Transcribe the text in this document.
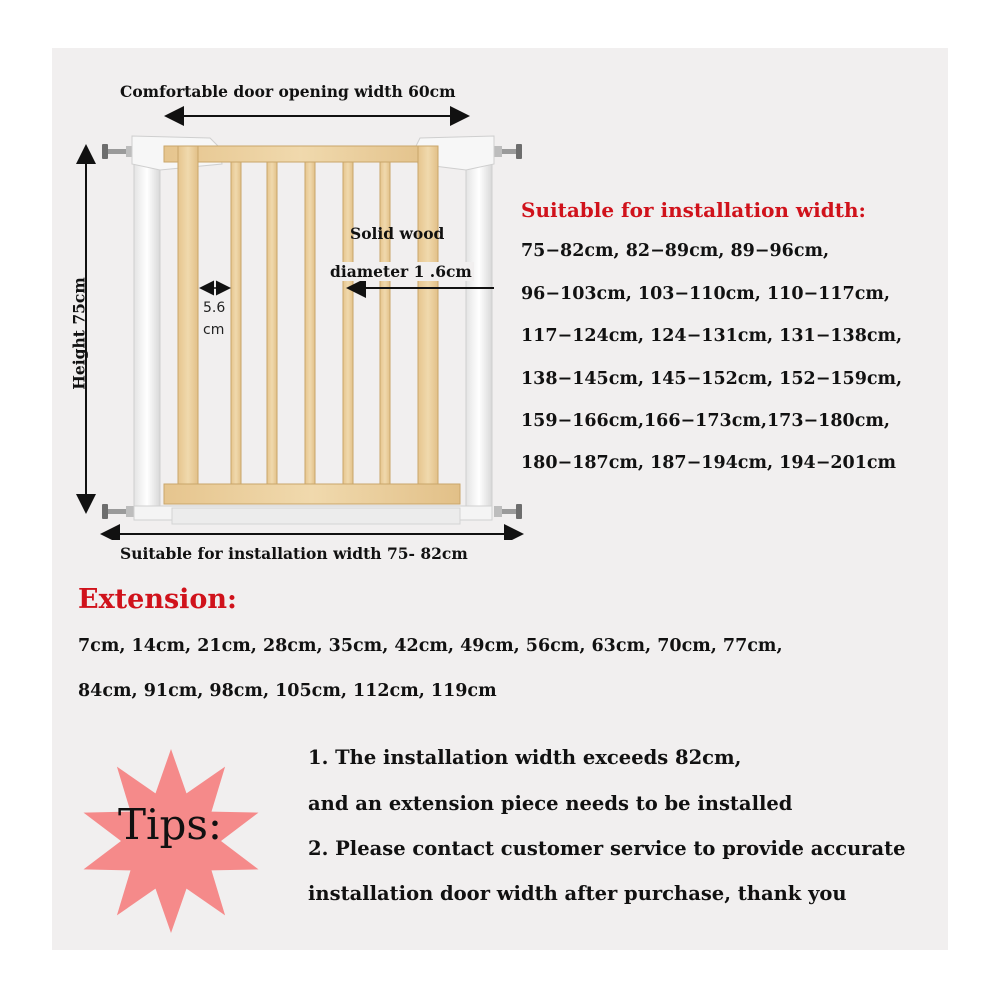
Comfortable door opening width 60cm
Height 75cm
Suitable for installation width 75- 82cm
Solid wood
diameter 1 .6cm
5.6
cm
Suitable for installation width:
75−82cm, 82−89cm, 89−96cm,
96−103cm, 103−110cm, 110−117cm,
117−124cm, 124−131cm, 131−138cm,
138−145cm, 145−152cm, 152−159cm,
159−166cm,166−173cm,173−180cm,
180−187cm, 187−194cm, 194−201cm
Extension:
7cm, 14cm, 21cm, 28cm, 35cm, 42cm, 49cm, 56cm, 63cm, 70cm, 77cm,
84cm, 91cm, 98cm, 105cm, 112cm, 119cm
Tips:
1. The installation width exceeds 82cm,
and an extension piece needs to be installed
2. Please contact customer service to provide accurate
installation door width after purchase, thank you
